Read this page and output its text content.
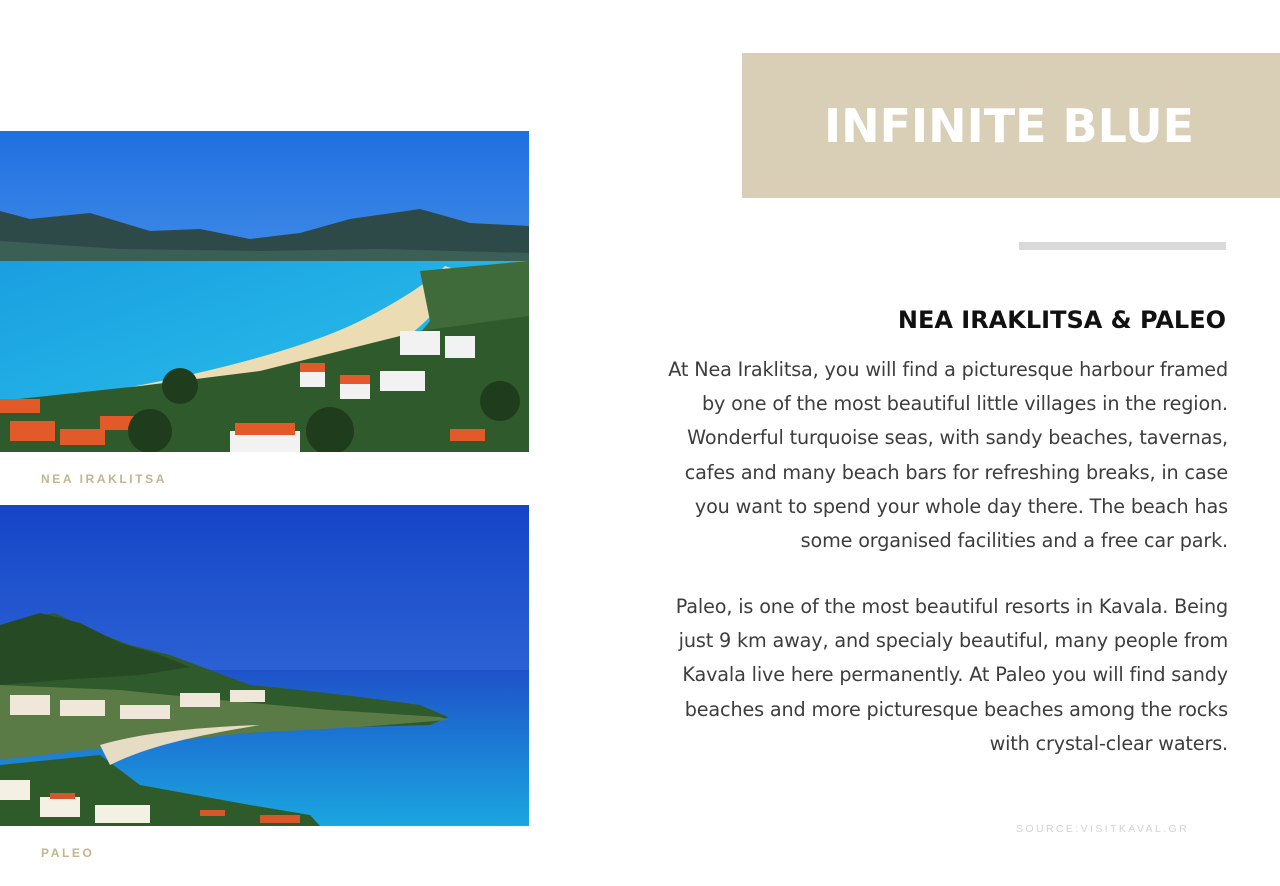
NEA IRAKLITSA
PALEO
INFINITE BLUE
NEA IRAKLITSA & PALEO
At Nea Iraklitsa, you will find a picturesque harbour framed
by one of the most beautiful little villages in the region.
Wonderful turquoise seas, with sandy beaches, tavernas,
cafes and many beach bars for refreshing breaks, in case
you want to spend your whole day there. The beach has
some organised facilities and a free car park.
Paleo, is one of the most beautiful resorts in Kavala. Being
just 9 km away, and specialy beautiful, many people from
Kavala live here permanently. At Paleo you will find sandy
beaches and more picturesque beaches among the rocks
with crystal-clear waters.
SOURCE:VISITKAVAL.GR
